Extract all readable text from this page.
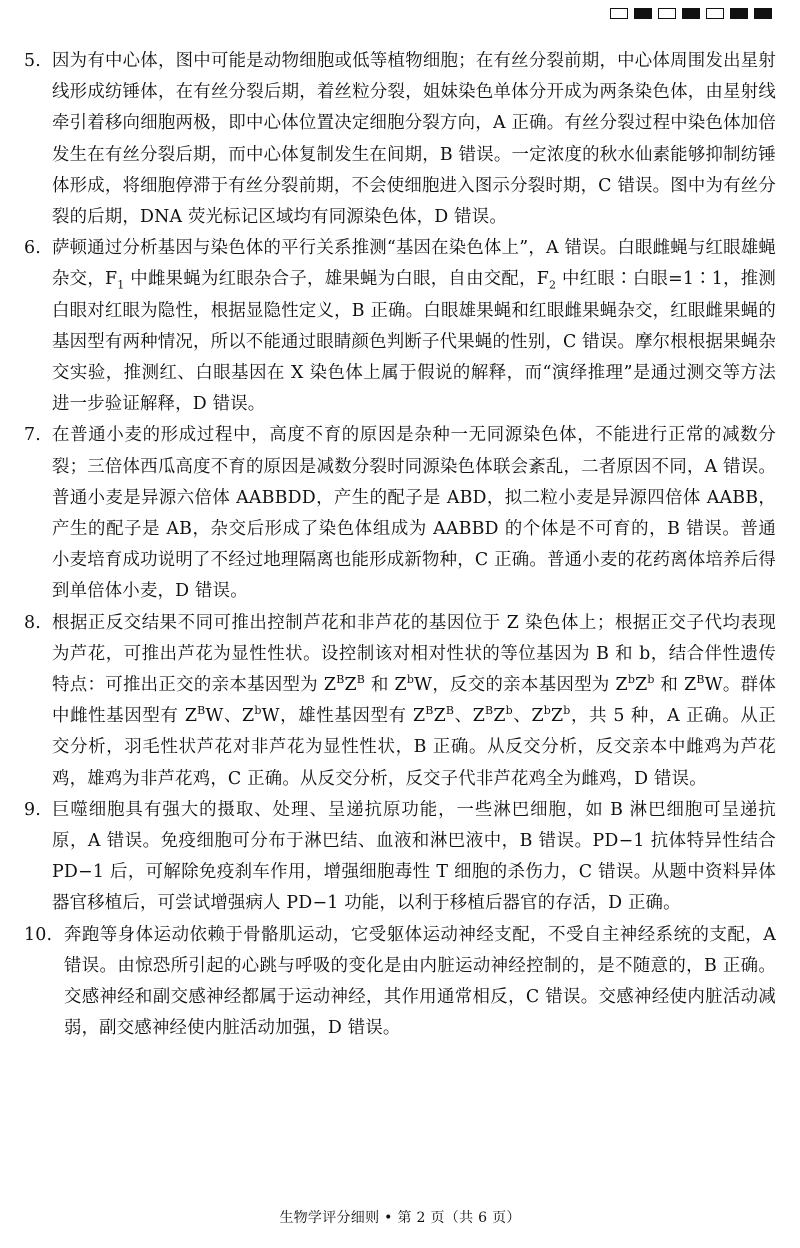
5. 因为有中心体，图中可能是动物细胞或低等植物细胞；在有丝分裂前期，中心体周围发出星射线形成纺锤体，在有丝分裂后期，着丝粒分裂，姐妹染色单体分开成为两条染色体，由星射线牵引着移向细胞两极，即中心体位置决定细胞分裂方向，A 正确。有丝分裂过程中染色体加倍发生在有丝分裂后期，而中心体复制发生在间期，B 错误。一定浓度的秋水仙素能够抑制纺锤体形成，将细胞停滞于有丝分裂前期，不会使细胞进入图示分裂时期，C 错误。图中为有丝分裂的后期，DNA 荧光标记区域均有同源染色体，D 错误。

6. 萨顿通过分析基因与染色体的平行关系推测“基因在染色体上”，A 错误。白眼雌蝇与红眼雄蝇杂交，$F_1$ 中雌果蝇为红眼杂合子，雄果蝇为白眼，自由交配，$F_2$ 中红眼∶白眼=1∶1，推测白眼对红眼为隐性，根据显隐性定义，B 正确。白眼雄果蝇和红眼雌果蝇杂交，红眼雌果蝇的基因型有两种情况，所以不能通过眼睛颜色判断子代果蝇的性别，C 错误。摩尔根根据果蝇杂交实验，推测红、白眼基因在 X 染色体上属于假说的解释，而“演绎推理”是通过测交等方法进一步验证解释，D 错误。

7. 在普通小麦的形成过程中，高度不育的原因是杂种一无同源染色体，不能进行正常的减数分裂；三倍体西瓜高度不育的原因是减数分裂时同源染色体联会紊乱，二者原因不同，A 错误。普通小麦是异源六倍体 AABBDD，产生的配子是 ABD，拟二粒小麦是异源四倍体 AABB，产生的配子是 AB，杂交后形成了染色体组成为 AABBD 的个体是不可育的，B 错误。普通小麦培育成功说明了不经过地理隔离也能形成新物种，C 正确。普通小麦的花药离体培养后得到单倍体小麦，D 错误。

8. 根据正反交结果不同可推出控制芦花和非芦花的基因位于 Z 染色体上；根据正交子代均表现为芦花，可推出芦花为显性性状。设控制该对相对性状的等位基因为 B 和 b，结合伴性遗传特点：可推出正交的亲本基因型为 $Z^BZ^B$ 和 $Z^bW$，反交的亲本基因型为 $Z^bZ^b$ 和 $Z^BW$。群体中雌性基因型有 $Z^BW$、$Z^bW$，雄性基因型有 $Z^BZ^B$、$Z^BZ^b$、$Z^bZ^b$，共 5 种，A 正确。从正交分析，羽毛性状芦花对非芦花为显性性状，B 正确。从反交分析，反交亲本中雌鸡为芦花鸡，雄鸡为非芦花鸡，C 正确。从反交分析，反交子代非芦花鸡全为雌鸡，D 错误。

9. 巨噬细胞具有强大的摄取、处理、呈递抗原功能，一些淋巴细胞，如 B 淋巴细胞可呈递抗原，A 错误。免疫细胞可分布于淋巴结、血液和淋巴液中，B 错误。PD−1 抗体特异性结合 PD−1 后，可解除免疫刹车作用，增强细胞毒性 T 细胞的杀伤力，C 错误。从题中资料异体器官移植后，可尝试增强病人 PD−1 功能，以利于移植后器官的存活，D 正确。

10. 奔跑等身体运动依赖于骨骼肌运动，它受躯体运动神经支配，不受自主神经系统的支配，A 错误。由惊恐所引起的心跳与呼吸的变化是由内脏运动神经控制的，是不随意的，B 正确。交感神经和副交感神经都属于运动神经，其作用通常相反，C 错误。交感神经使内脏活动减弱，副交感神经使内脏活动加强，D 错误。

生物学评分细则 • 第 2 页（共 6 页）
